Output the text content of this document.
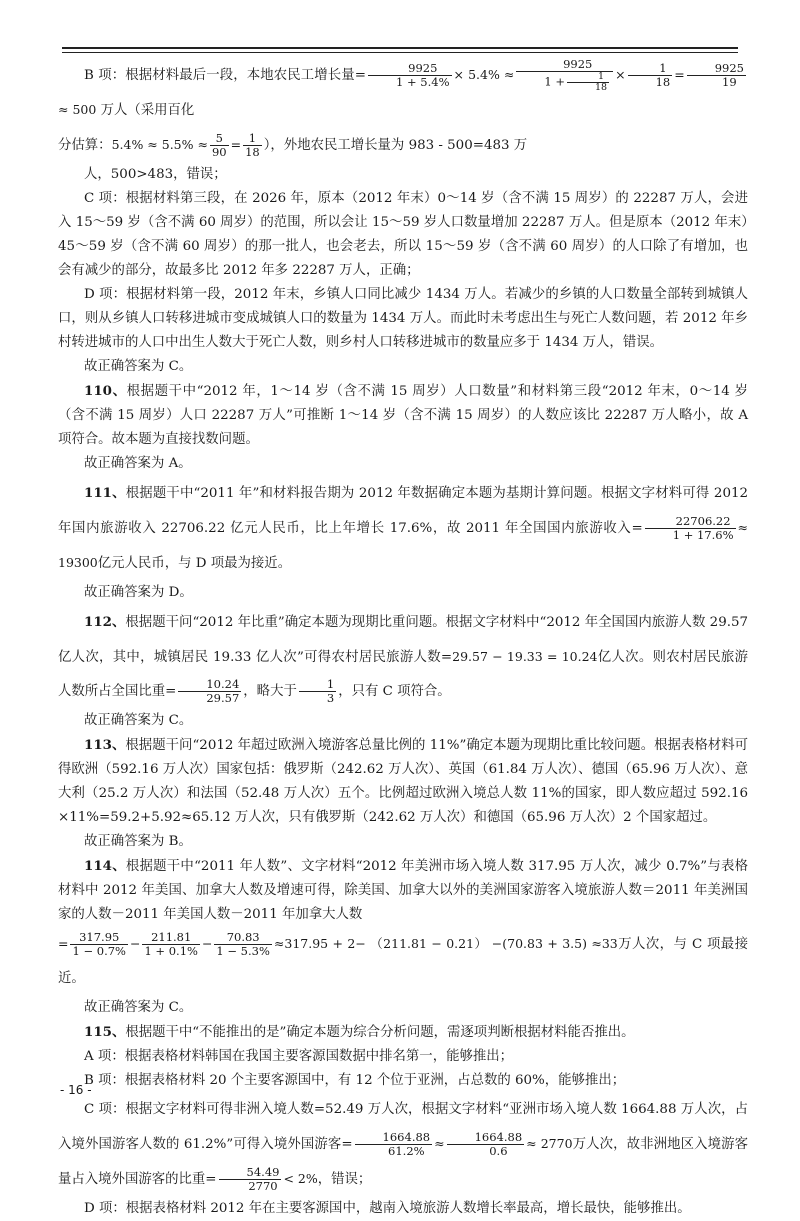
B 项：根据材料最后一段，本地农民工增长量= $\frac{9925}{1 + 5.4\%} \times 5.4\% \approx \frac{9925}{1 + \frac{1}{18}} \times \frac{1}{18} = \frac{9925}{19}$
≈ 500 万人（采用百化

分估算：$5.4\% \approx 5.5\% \approx \frac{5}{90} = \frac{1}{18}$ ），外地农民工增长量为 983 - 500=483 万

人，500>483，错误；

C 项：根据材料第三段，在 2026 年，原本（2012 年末）0～14 岁（含不满 15 周岁）的 22287 万人，会进入 15～59 岁（含不满 60 周岁）的范围，所以会让 15～59 岁人口数量增加 22287 万人。但是原本（2012 年末）45～59 岁（含不满 60 周岁）的那一批人，也会老去，所以 15～59 岁（含不满 60 周岁）的人口除了有增加，也会有减少的部分，故最多比 2012 年多 22287 万人，正确；

D 项：根据材料第一段，2012 年末，乡镇人口同比减少 1434 万人。若减少的乡镇的人口数量全部转到城镇人口，则从乡镇人口转移进城市变成城镇人口的数量为 1434 万人。而此时未考虑出生与死亡人数问题，若 2012 年乡村转进城市的人口中出生人数大于死亡人数，则乡村人口转移进城市的数量应多于 1434 万人，错误。

故正确答案为 C。

110、根据题干中“2012 年，1～14 岁（含不满 15 周岁）人口数量”和材料第三段“2012 年末，0～14 岁（含不满 15 周岁）人口 22287 万人”可推断 1～14 岁（含不满 15 周岁）的人数应该比 22287 万人略小，故 A 项符合。故本题为直接找数问题。

故正确答案为 A。

111、根据题干中“2011 年”和材料报告期为 2012 年数据确定本题为基期计算问题。根据文字材料可得 2012 年国内旅游收入 22706.22 亿元人民币，比上年增长 17.6%，故 2011 年全国国内旅游收入= $\frac{22706.22}{1 + 17.6\%} \approx 19300$亿元人民币，与 D 项最为接近。

故正确答案为 D。

112、根据题干问“2012 年比重”确定本题为现期比重问题。根据文字材料中“2012 年全国国内旅游人数 29.57 亿人次，其中，城镇居民 19.33 亿人次”可得农村居民旅游人数=29.57 − 19.33 = 10.24亿人次。则农村居民旅游人数所占全国比重= $\frac{10.24}{29.57}$ ，略大于 $\frac{1}{3}$ ，只有 C 项符合。

故正确答案为 C。

113、根据题干问“2012 年超过欧洲入境游客总量比例的 11%”确定本题为现期比重比较问题。根据表格材料可得欧洲（592.16 万人次）国家包括：俄罗斯（242.62 万人次）、英国（61.84 万人次）、德国（65.96 万人次）、意大利（25.2 万人次）和法国（52.48 万人次）五个。比例超过欧洲入境总人数 11%的国家，即人数应超过 592.16 ×11%=59.2+5.92≈65.12 万人次，只有俄罗斯（242.62 万人次）和德国（65.96 万人次）2 个国家超过。

故正确答案为 B。

114、根据题干中“2011 年人数”、文字材料“2012 年美洲市场入境人数 317.95 万人次，减少 0.7%”与表格材料中 2012 年美国、加拿大人数及增速可得，除美国、加拿大以外的美洲国家游客入境旅游人数＝2011 年美洲国家的人数－2011 年美国人数－2011 年加拿大人数

= $\frac{317.95}{1 - 0.7\%} - \frac{211.81}{1 + 0.1\%} - \frac{70.83}{1 - 5.3\%} \approx 317.95 + 2- (211.81 - 0.21) -(70.83 + 3.5) \approx 33$万人次，与 C 项最接近。

故正确答案为 C。

115、根据题干中“不能推出的是”确定本题为综合分析问题，需逐项判断根据材料能否推出。

A 项：根据表格材料韩国在我国主要客源国数据中排名第一，能够推出；

B 项：根据表格材料 20 个主要客源国中，有 12 个位于亚洲，占总数的 60%，能够推出；

C 项：根据文字材料可得非洲入境人数=52.49 万人次，根据文字材料“亚洲市场入境人数 1664.88 万人次，占入境外国游客人数的 61.2%”可得入境外国游客= $\frac{1664.88}{61.2\%} \approx \frac{1664.88}{0.6} \approx 2770$万人次，故非洲地区入境游客量占入境外国游客的比重= $\frac{54.49}{2770} < 2\%$，错误；

D 项：根据表格材料 2012 年在主要客源国中，越南入境旅游人数增长率最高，增长最快，能够推出。

- 16 -
